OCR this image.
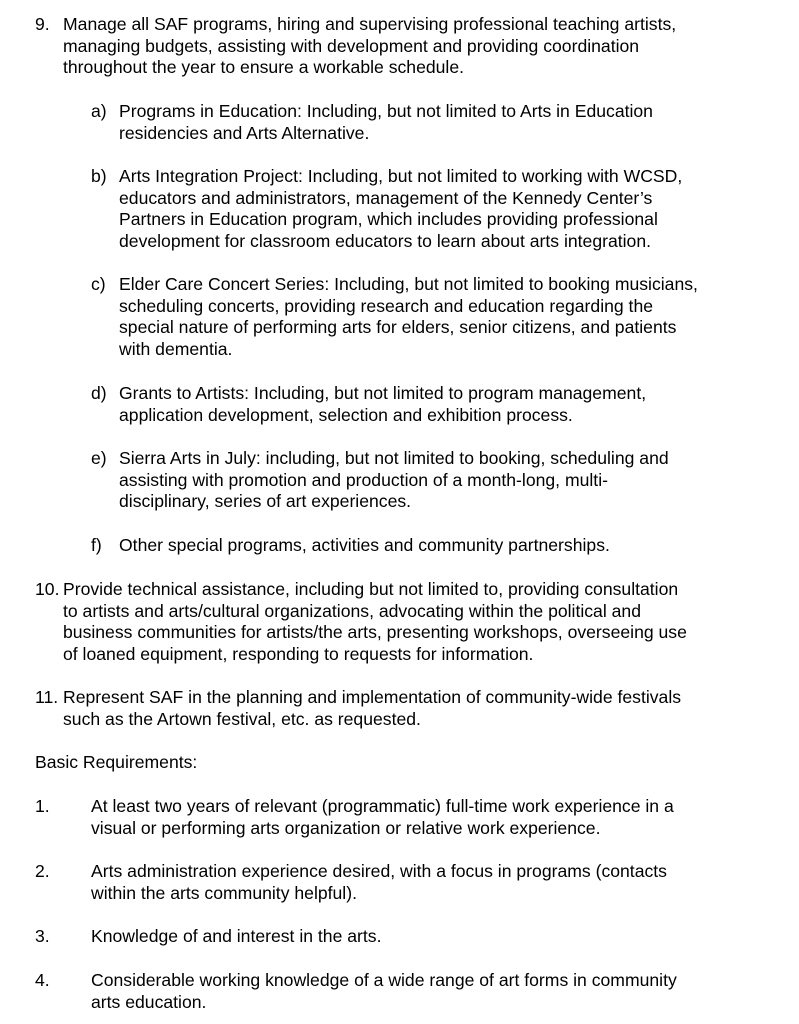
9. Manage all SAF programs, hiring and supervising professional teaching artists,
managing budgets, assisting with development and providing coordination
throughout the year to ensure a workable schedule.
a) Programs in Education: Including, but not limited to Arts in Education
residencies and Arts Alternative.
b) Arts Integration Project: Including, but not limited to working with WCSD,
educators and administrators, management of the Kennedy Center’s
Partners in Education program, which includes providing professional
development for classroom educators to learn about arts integration.
c) Elder Care Concert Series: Including, but not limited to booking musicians,
scheduling concerts, providing research and education regarding the
special nature of performing arts for elders, senior citizens, and patients
with dementia.
d) Grants to Artists: Including, but not limited to program management,
application development, selection and exhibition process.
e) Sierra Arts in July: including, but not limited to booking, scheduling and
assisting with promotion and production of a month-long, multi-
disciplinary, series of art experiences.
f) Other special programs, activities and community partnerships.
10. Provide technical assistance, including but not limited to, providing consultation
to artists and arts/cultural organizations, advocating within the political and
business communities for artists/the arts, presenting workshops, overseeing use
of loaned equipment, responding to requests for information.
11. Represent SAF in the planning and implementation of community-wide festivals
such as the Artown festival, etc. as requested.
Basic Requirements:
1. At least two years of relevant (programmatic) full-time work experience in a
visual or performing arts organization or relative work experience.
2. Arts administration experience desired, with a focus in programs (contacts
within the arts community helpful).
3. Knowledge of and interest in the arts.
4. Considerable working knowledge of a wide range of art forms in community
arts education.
